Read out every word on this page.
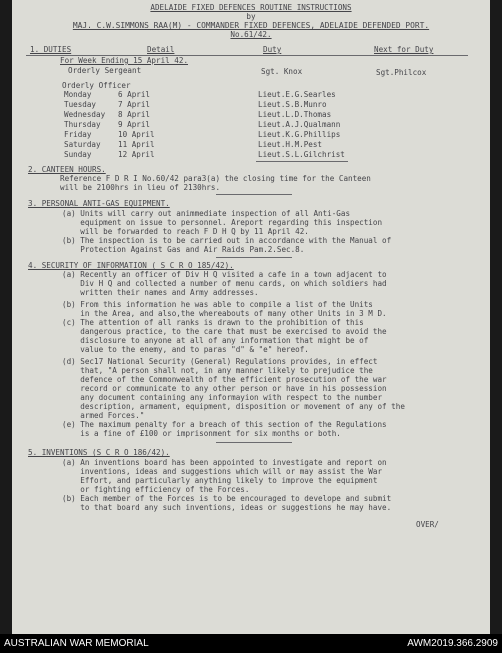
ADELAIDE FIXED DEFENCES ROUTINE INSTRUCTIONS
by
MAJ. C.W.SIMMONS RAA(M) - COMMANDER FIXED DEFENCES, ADELAIDE DEFENDED PORT.
No.61/42.
1. DUTIES	Detail	Duty	Next for Duty
For Week Ending 15 April 42.
Orderly Sergeant	Sgt. Knox	Sgt.Philcox
Orderly Officer
Monday	6 April	Lieut.E.G.Searles
Tuesday	7 April	Lieut.S.B.Munro
Wednesday 8 April	Lieut.L.D.Thomas
Thursday 9 April	Lieut.A.J.Qualmann
Friday	10 April	Lieut.K.G.Phillips
Saturday 11 April	Lieut.H.M.Pest
Sunday	12 April	Lieut.S.L.Gilchrist
2. CANTEEN HOURS.
Reference F D R I No.60/42 para3(a) the closing time for the Canteen
will be 2100hrs in lieu of 2130hrs.
3. PERSONAL ANTI-GAS EQUIPMENT.
(a) Units will carry out animmediate inspection of all Anti-Gas
equipment on issue to personnel. Areport regarding this inspection
will be forwarded to reach F D H Q by 11 April 42.
(b) The inspection is to be carried out in accordance with the Manual of
Protection Against Gas and Air Raids Pam.2.Sec.8.
4. SECURITY OF INFORMATION ( S C R O 185/42).
(a) Recently an officer of Div H Q visited a cafe in a town adjacent to
Div H Q and collected a number of menu cards, on which soldiers had
written their names and Army addresses.
(b) From this information he was able to compile a list of the Units
in the Area, and also,the whereabouts of many other Units in 3 M D.
(c) The attention of all ranks is drawn to the prohibition of this
dangerous practice, to the care that must be exercised to avoid the
disclosure to anyone at all of any information that might be of
value to the enemy, and to paras "d" & "e" hereof.
(d) Sec17 National Security (General) Regulations provides, in effect
that, "A person shall not, in any manner likely to prejudice the
defence of the Commonwealth of the efficient prosecution of the war
record or communicate to any other person or have in his possession
any document containing any informayion with respect to the number
description, armament, equipment, disposition or movement of any of the
armed Forces."
(e) The maximum penalty for a breach of this section of the Regulations
is a fine of £100 or imprisonment for six months or both.
5. INVENTIONS (S C R O 186/42).
(a) An inventions board has been appointed to investigate and report on
inventions, ideas and suggestions which will or may assist the War
Effort, and particularly anything likely to improve the equipment
or fighting efficiency of the Forces.
(b) Each member of the Forces is to be encouraged to develope and submit
to that board any such inventions, ideas or suggestions he may have.
OVER/
AUSTRALIAN WAR MEMORIAL	AWM2019.366.2909
